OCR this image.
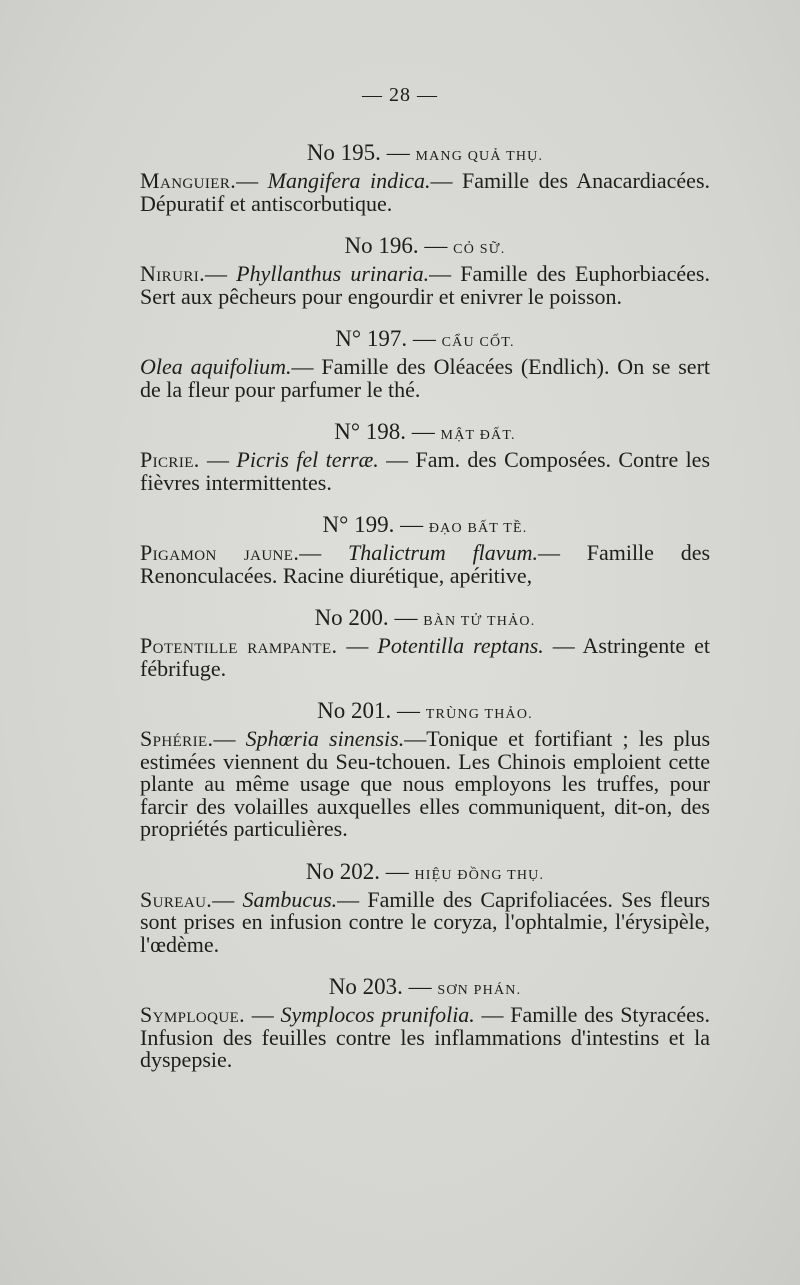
— 28 —
No 195. — MANG QUẢ THỤ.
Manguier.— Mangifera indica.— Famille des Anacardiacées. Dépuratif et antiscorbutique.
No 196. — CỎ SỮ.
Niruri.— Phyllanthus urinaria.— Famille des Euphorbiacées. Sert aux pêcheurs pour engourdir et enivrer le poisson.
N° 197. — CẨU CỐT.
Olea aquifolium.— Famille des Oléacées (Endlich). On se sert de la fleur pour parfumer le thé.
N° 198. — MẬT ĐẤT.
Picrie. — Picris fel terræ. — Fam. des Composées. Contre les fièvres intermittentes.
N° 199. — ĐẠO BẤT TỀ.
Pigamon jaune.— Thalictrum flavum.— Famille des Renonculacées. Racine diurétique, apéritive,
No 200. — BÀN TỬ THẢO.
Potentille rampante. — Potentilla reptans. — Astringente et fébrifuge.
No 201. — TRÙNG THẢO.
Sphérie.— Sphœria sinensis.—Tonique et fortifiant ; les plus estimées viennent du Seu-tchouen. Les Chinois emploient cette plante au même usage que nous employons les truffes, pour farcir des volailles auxquelles elles communiquent, dit-on, des propriétés particulières.
No 202. — HIỆU ĐỒNG THỤ.
Sureau.— Sambucus.— Famille des Caprifoliacées. Ses fleurs sont prises en infusion contre le coryza, l'ophtalmie, l'érysipèle, l'œdème.
No 203. — SƠN PHÁN.
Symploque. — Symplocos prunifolia. — Famille des Styracées. Infusion des feuilles contre les inflammations d'intestins et la dyspepsie.
